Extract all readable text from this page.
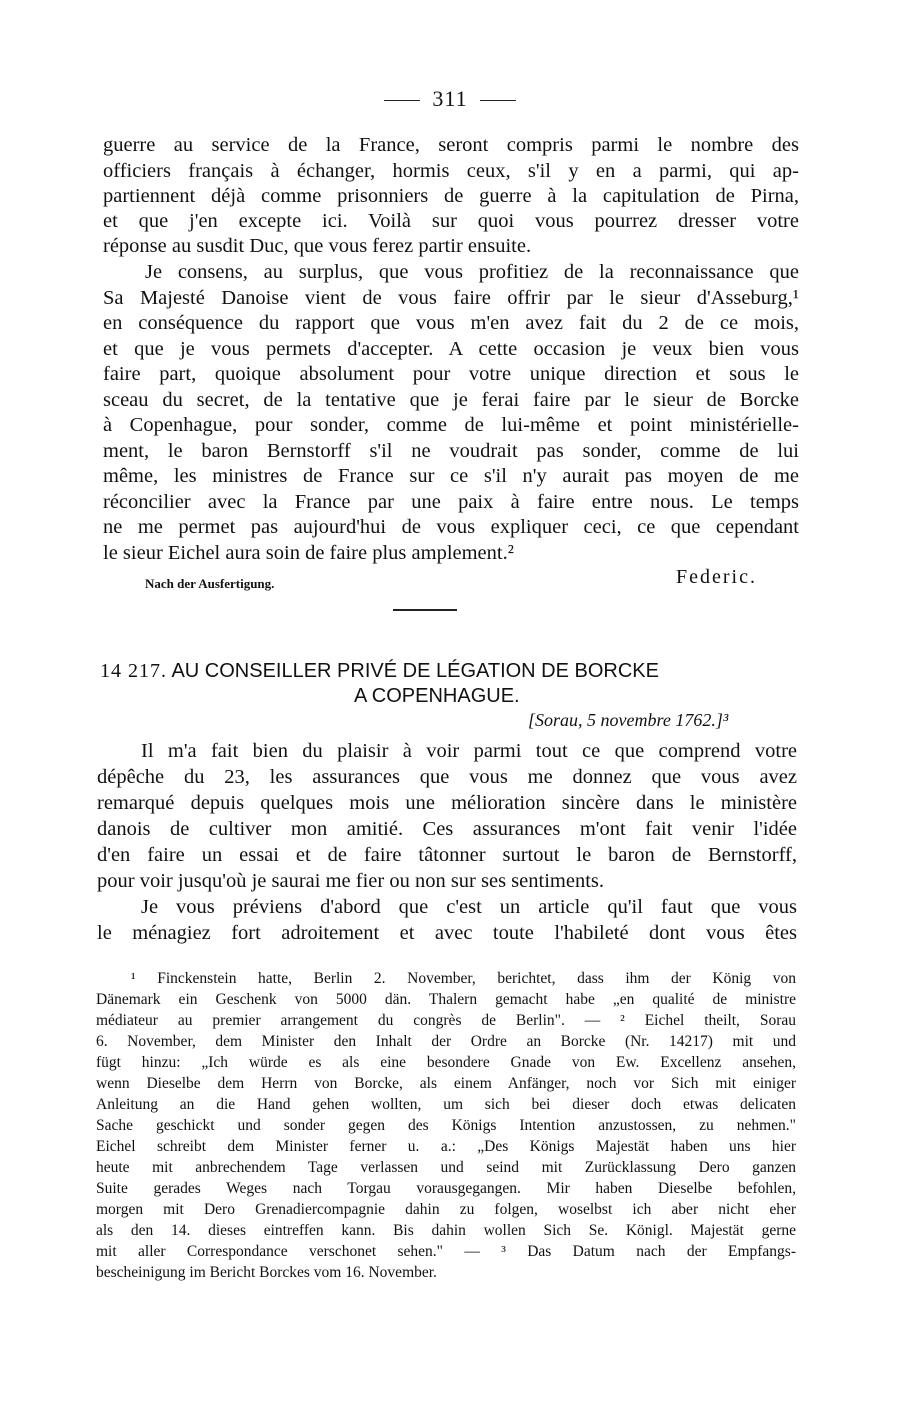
311
guerre au service de la France, seront compris parmi le nombre des
officiers français à échanger, hormis ceux, s'il y en a parmi, qui ap-
partiennent déjà comme prisonniers de guerre à la capitulation de Pirna,
et que j'en excepte ici. Voilà sur quoi vous pourrez dresser votre
réponse au susdit Duc, que vous ferez partir ensuite.
Je consens, au surplus, que vous profitiez de la reconnaissance que
Sa Majesté Danoise vient de vous faire offrir par le sieur d'Asseburg,¹
en conséquence du rapport que vous m'en avez fait du 2 de ce mois,
et que je vous permets d'accepter. A cette occasion je veux bien vous
faire part, quoique absolument pour votre unique direction et sous le
sceau du secret, de la tentative que je ferai faire par le sieur de Borcke
à Copenhague, pour sonder, comme de lui-même et point ministérielle-
ment, le baron Bernstorff s'il ne voudrait pas sonder, comme de lui
même, les ministres de France sur ce s'il n'y aurait pas moyen de me
réconcilier avec la France par une paix à faire entre nous. Le temps
ne me permet pas aujourd'hui de vous expliquer ceci, ce que cependant
le sieur Eichel aura soin de faire plus amplement.²
Nach der Ausfertigung.	Federic.
14 217. AU CONSEILLER PRIVÉ DE LÉGATION DE BORCKE
A COPENHAGUE.
[Sorau, 5 novembre 1762.]³
Il m'a fait bien du plaisir à voir parmi tout ce que comprend votre
dépêche du 23, les assurances que vous me donnez que vous avez
remarqué depuis quelques mois une mélioration sincère dans le ministère
danois de cultiver mon amitié. Ces assurances m'ont fait venir l'idée
d'en faire un essai et de faire tâtonner surtout le baron de Bernstorff,
pour voir jusqu'où je saurai me fier ou non sur ses sentiments.
Je vous préviens d'abord que c'est un article qu'il faut que vous
le ménagiez fort adroitement et avec toute l'habileté dont vous êtes
¹ Finckenstein hatte, Berlin 2. November, berichtet, dass ihm der König von
Dänemark ein Geschenk von 5000 dän. Thalern gemacht habe „en qualité de ministre
médiateur au premier arrangement du congrès de Berlin". — ² Eichel theilt, Sorau
6. November, dem Minister den Inhalt der Ordre an Borcke (Nr. 14217) mit und
fügt hinzu: „Ich würde es als eine besondere Gnade von Ew. Excellenz ansehen,
wenn Dieselbe dem Herrn von Borcke, als einem Anfänger, noch vor Sich mit einiger
Anleitung an die Hand gehen wollten, um sich bei dieser doch etwas delicaten
Sache geschickt und sonder gegen des Königs Intention anzustossen, zu nehmen."
Eichel schreibt dem Minister ferner u. a.: „Des Königs Majestät haben uns hier
heute mit anbrechendem Tage verlassen und seind mit Zurücklassung Dero ganzen
Suite gerades Weges nach Torgau vorausgegangen. Mir haben Dieselbe befohlen,
morgen mit Dero Grenadiercompagnie dahin zu folgen, woselbst ich aber nicht eher
als den 14. dieses eintreffen kann. Bis dahin wollen Sich Se. Königl. Majestät gerne
mit aller Correspondance verschonet sehen." — ³ Das Datum nach der Empfangs-
bescheinigung im Bericht Borckes vom 16. November.
